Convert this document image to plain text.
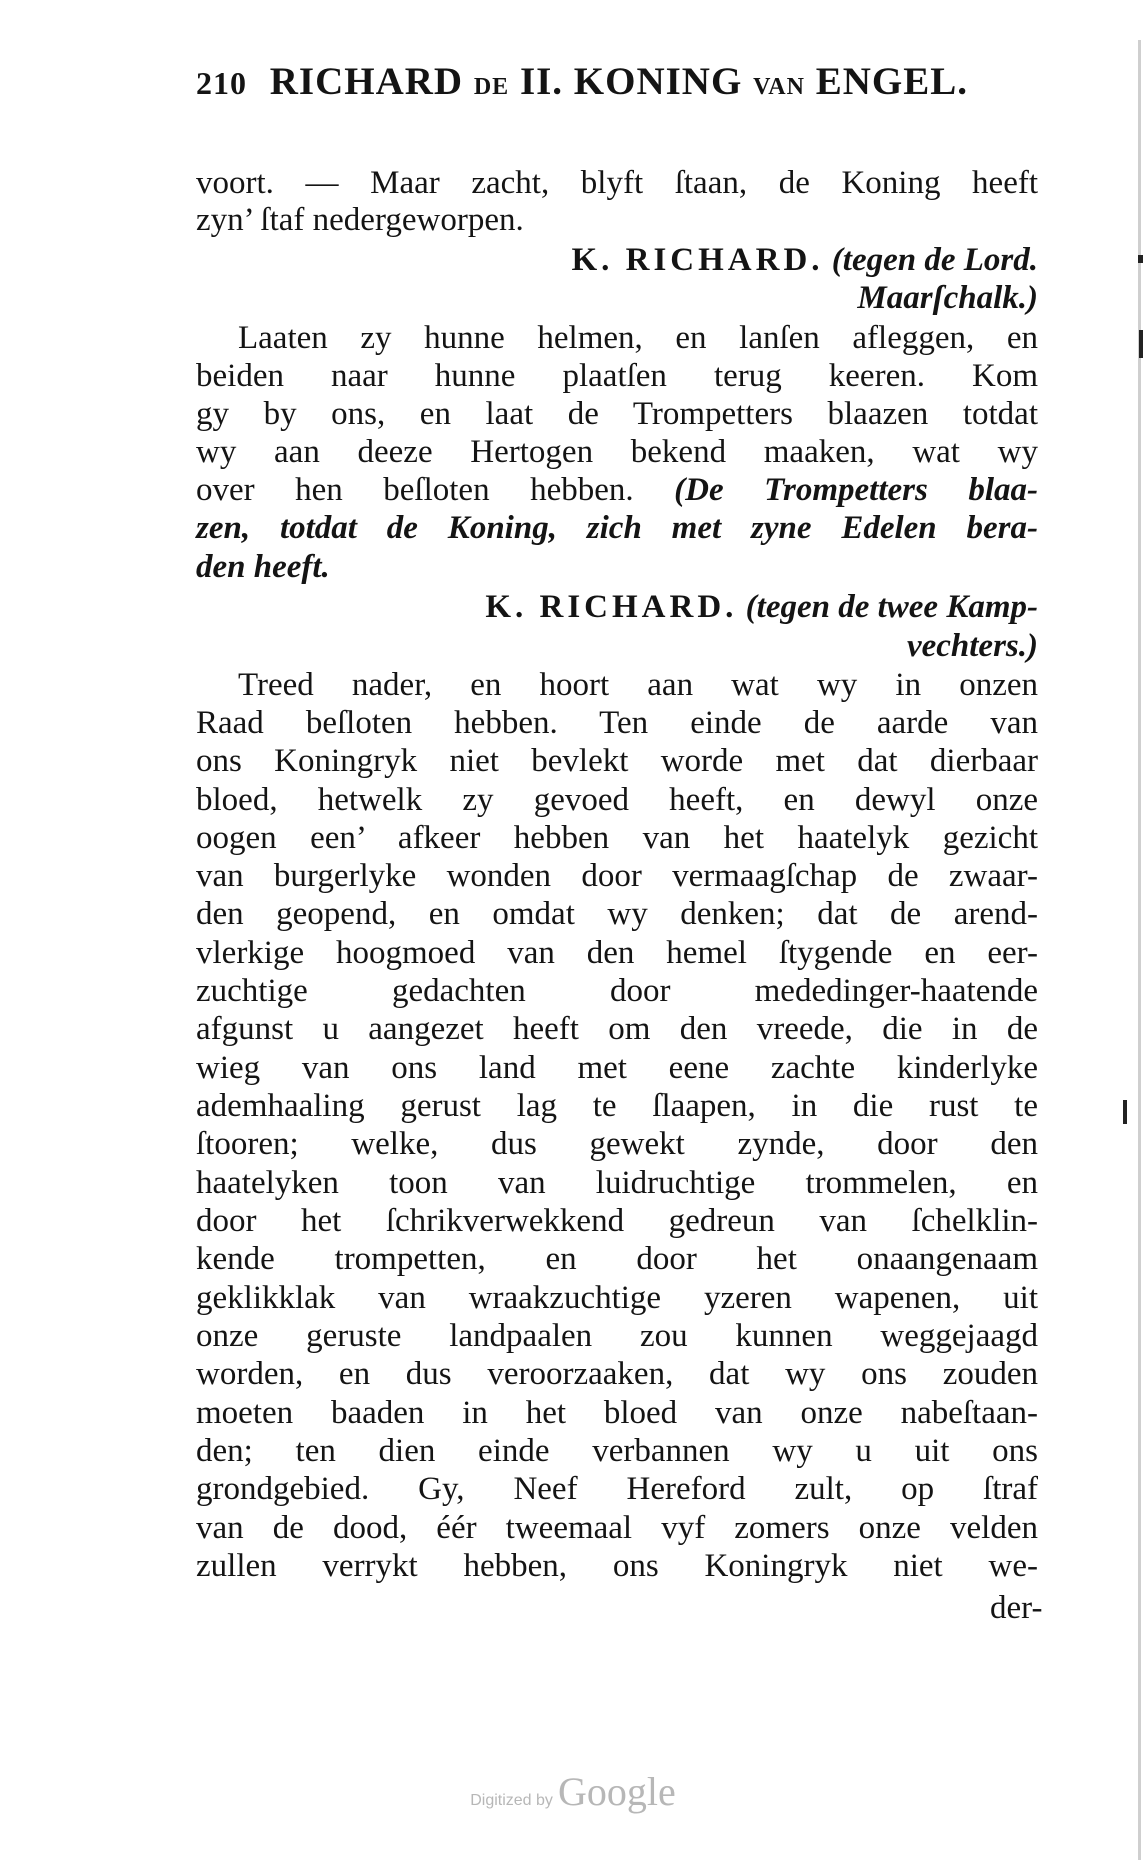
210 RICHARD DE II. KONING VAN ENGEL.
voort. — Maar zacht, blyft ſtaan, de Koning heeft
zyn’ ſtaf nedergeworpen.
K. RICHARD. (tegen de Lord.
Maarſchalk.)
Laaten zy hunne helmen, en lanſen afleggen, en
beiden naar hunne plaatſen terug keeren. Kom
gy by ons, en laat de Trompetters blaazen totdat
wy aan deeze Hertogen bekend maaken, wat wy
over hen beſloten hebben. (De Trompetters blaa-
zen, totdat de Koning, zich met zyne Edelen bera-
den heeft.
K. RICHARD. (tegen de twee Kamp-
vechters.)
Treed nader, en hoort aan wat wy in onzen
Raad beſloten hebben. Ten einde de aarde van
ons Koningryk niet bevlekt worde met dat dierbaar
bloed, hetwelk zy gevoed heeft, en dewyl onze
oogen een’ afkeer hebben van het haatelyk gezicht
van burgerlyke wonden door vermaagſchap de zwaar-
den geopend, en omdat wy denken; dat de arend-
vlerkige hoogmoed van den hemel ſtygende en eer-
zuchtige gedachten door mededinger-haatende
afgunst u aangezet heeft om den vreede, die in de
wieg van ons land met eene zachte kinderlyke
ademhaaling gerust lag te ſlaapen, in die rust te
ſtooren; welke, dus gewekt zynde, door den
haatelyken toon van luidruchtige trommelen, en
door het ſchrikverwekkend gedreun van ſchelklin-
kende trompetten, en door het onaangenaam
geklikklak van wraakzuchtige yzeren wapenen, uit
onze geruste landpaalen zou kunnen weggejaagd
worden, en dus veroorzaaken, dat wy ons zouden
moeten baaden in het bloed van onze nabeſtaan-
den; ten dien einde verbannen wy u uit ons
grondgebied. Gy, Neef Hereford zult, op ſtraf
van de dood, éér tweemaal vyf zomers onze velden
zullen verrykt hebben, ons Koningryk niet we-
der-
Digitized by Google
